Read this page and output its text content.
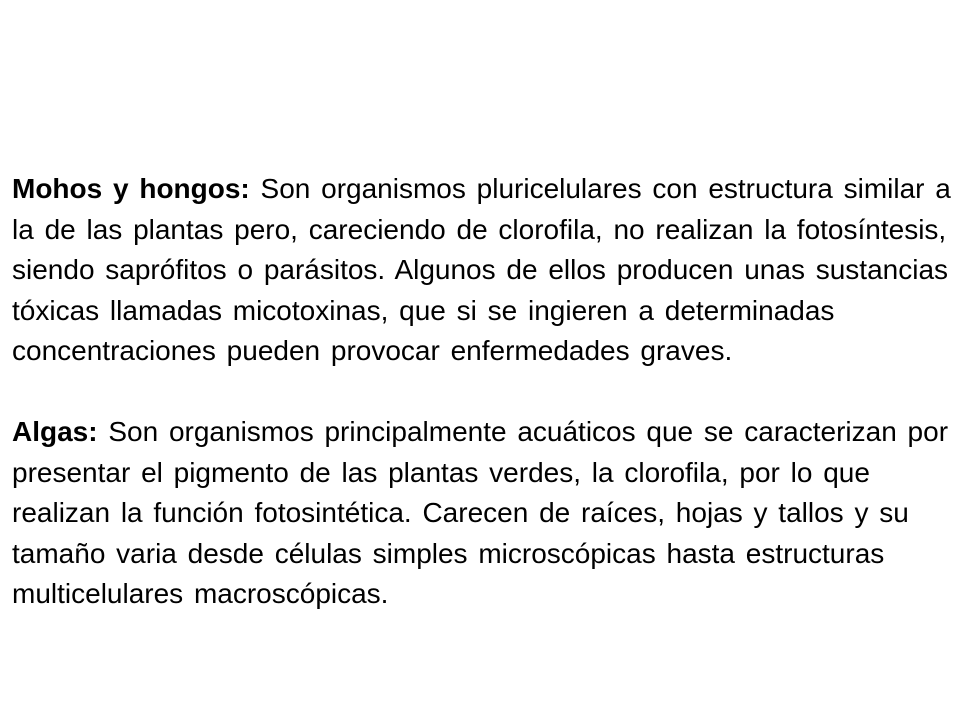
Mohos y hongos: Son organismos pluricelulares con estructura similar a la de las plantas pero, careciendo de clorofila, no realizan la fotosíntesis, siendo saprófitos o parásitos. Algunos de ellos producen unas sustancias tóxicas llamadas micotoxinas, que si se ingieren a determinadas concentraciones pueden provocar enfermedades graves.

Algas: Son organismos principalmente acuáticos que se caracterizan por presentar el pigmento de las plantas verdes, la clorofila, por lo que realizan la función fotosintética. Carecen de raíces, hojas y tallos y su tamaño varia desde células simples microscópicas hasta estructuras multicelulares macroscópicas.
